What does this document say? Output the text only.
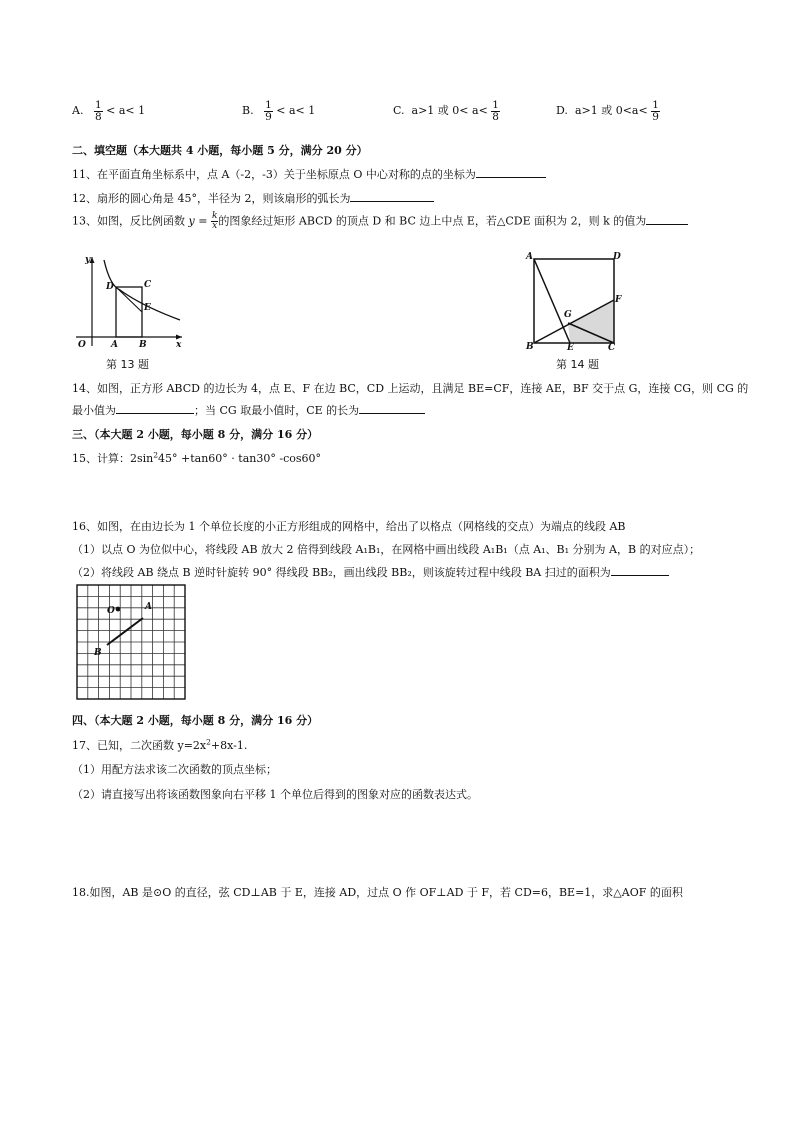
A. $\frac{1}{8} < a< 1$	B. $\frac{1}{9} < a< 1$	C. a>1 或 $0< a< \frac{1}{8}$	D. a>1 或 $0<a< \frac{1}{9}$
二、填空题（本大题共 4 小题，每小题 5 分，满分 20 分）
11、在平面直角坐标系中，点 A（-2，-3）关于坐标原点 O 中心对称的点的坐标为
12、扇形的圆心角是 45°，半径为 2，则该扇形的弧长为
13、如图，反比例函数 $y = \frac{k}{x}$ 的图象经过矩形 ABCD 的顶点 D 和 BC 边上中点 E，若△CDE 面积为 2，则 k 的值为
y
x
O	A B
C
D
E
第 13 题
A
B	C
D
E
F
G
第 14 题
14、如图，正方形 ABCD 的边长为 4，点 E、F 在边 BC，CD 上运动，且满足 BE=CF，连接 AE，BF 交于点 G，连接 CG，则 CG 的
最小值为	；当 CG 取最小值时，CE 的长为
三、（本大题 2 小题，每小题 8 分，满分 16 分）
15、计算：$2\sin^245^\circ +\tan 60^\circ \cdot \tan 30^\circ$ -cos60°
16、如图，在由边长为 1 个单位长度的小正方形组成的网格中，给出了以格点（网格线的交点）为端点的线段 AB
（1）以点 O 为位似中心，将线段 AB 放大 2 倍得到线段 A₁B₁，在网格中画出线段 A₁B₁（点 A₁、B₁ 分别为 A，B 的对应点）；
（2）将线段 AB 绕点 B 逆时针旋转 90° 得线段 BB₂，画出线段 BB₂，则该旋转过程中线段 BA 扫过的面积为
O	A
B
四、（本大题 2 小题，每小题 8 分，满分 16 分）
17、已知，二次函数 $y=2x^2+8x-1$.
（1）用配方法求该二次函数的顶点坐标；
（2）请直接写出将该函数图象向右平移 1 个单位后得到的图象对应的函数表达式。
18.如图，AB 是⊙O 的直径，弦 CD⊥AB 于 E，连接 AD，过点 O 作 OF⊥AD 于 F，若 CD=6，BE=1，求△AOF 的面积
